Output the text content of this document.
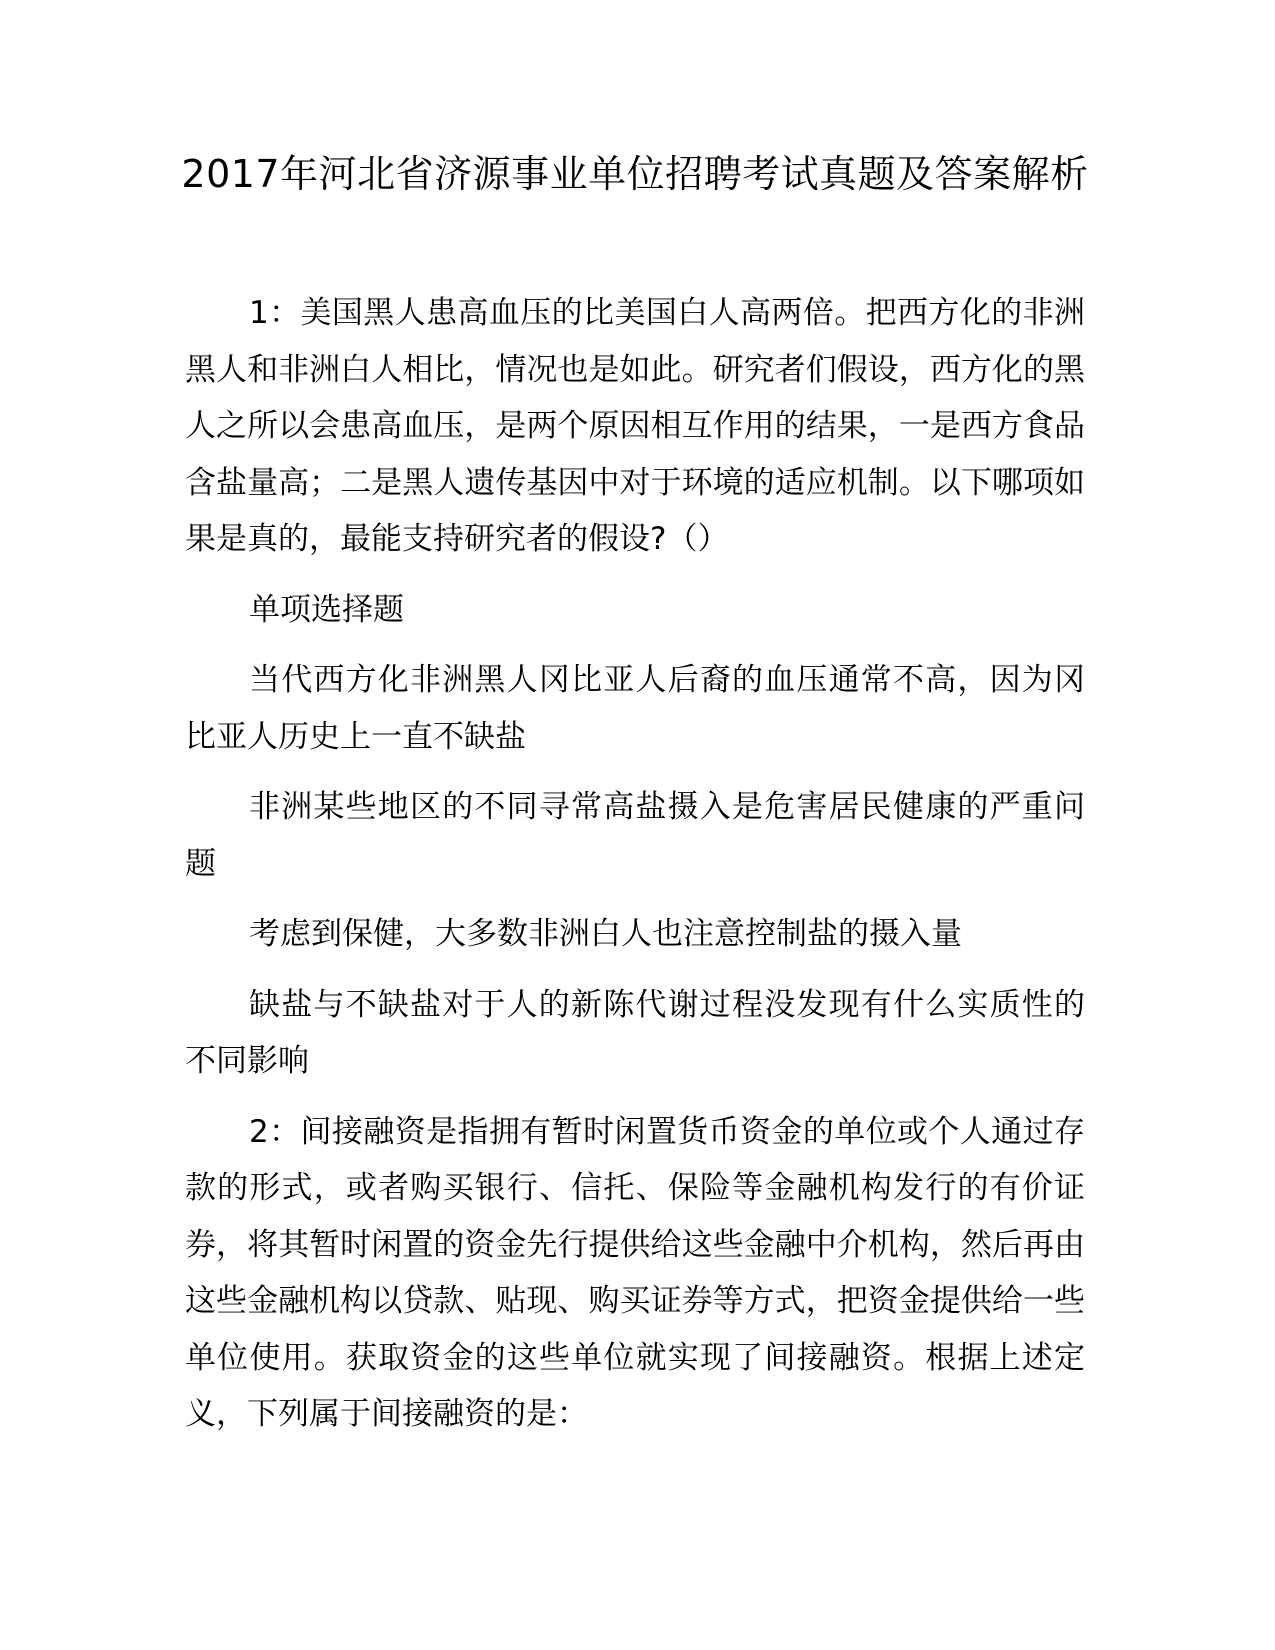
2017年河北省济源事业单位招聘考试真题及答案解析

1：美国黑人患高血压的比美国白人高两倍。把西方化的非洲黑人和非洲白人相比，情况也是如此。研究者们假设，西方化的黑人之所以会患高血压，是两个原因相互作用的结果，一是西方食品含盐量高；二是黑人遗传基因中对于环境的适应机制。以下哪项如果是真的，最能支持研究者的假设?（）

单项选择题

当代西方化非洲黑人冈比亚人后裔的血压通常不高，因为冈比亚人历史上一直不缺盐

非洲某些地区的不同寻常高盐摄入是危害居民健康的严重问题

考虑到保健，大多数非洲白人也注意控制盐的摄入量

缺盐与不缺盐对于人的新陈代谢过程没发现有什么实质性的不同影响

2：间接融资是指拥有暂时闲置货币资金的单位或个人通过存款的形式，或者购买银行、信托、保险等金融机构发行的有价证券，将其暂时闲置的资金先行提供给这些金融中介机构，然后再由这些金融机构以贷款、贴现、购买证券等方式，把资金提供给一些单位使用。获取资金的这些单位就实现了间接融资。根据上述定义，下列属于间接融资的是：
